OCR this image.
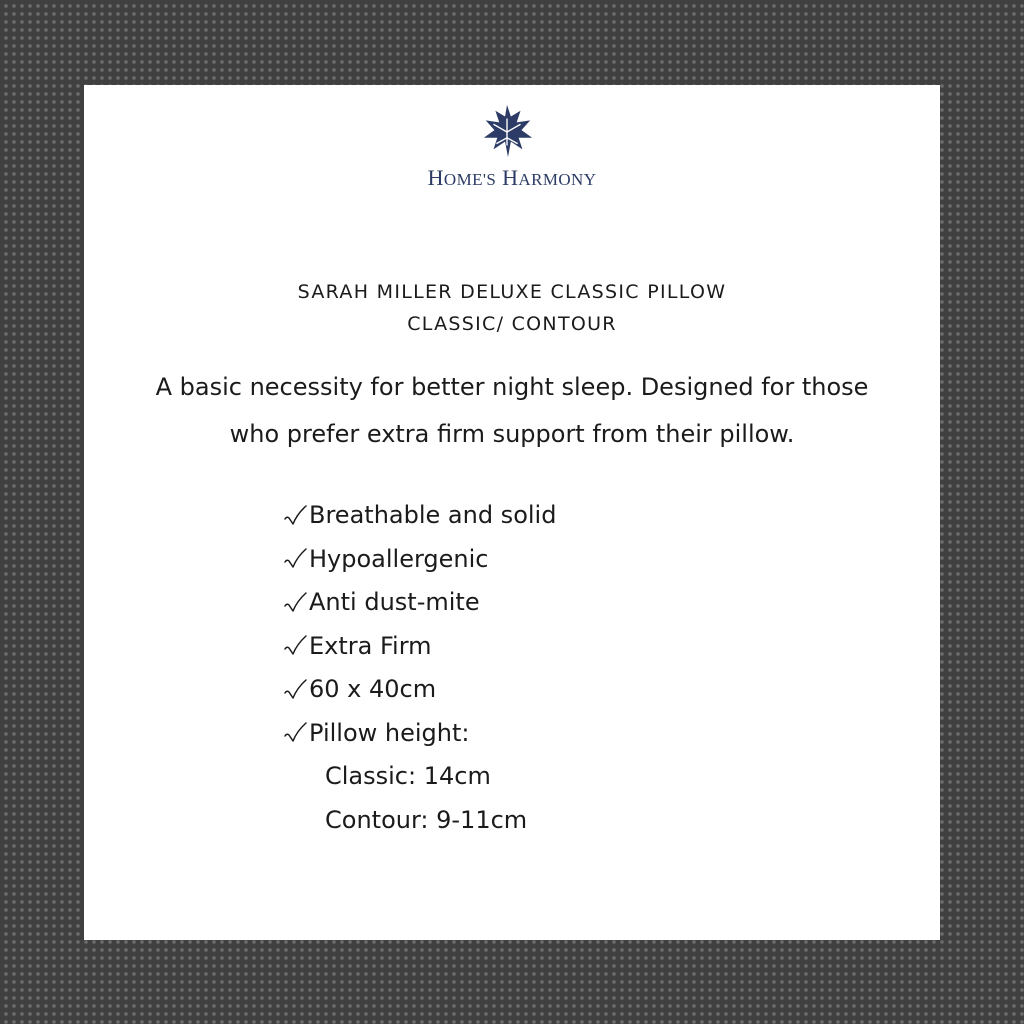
HOME'S HARMONY
SARAH MILLER DELUXE CLASSIC PILLOW
CLASSIC/ CONTOUR
A basic necessity for better night sleep. Designed for those
who prefer extra firm support from their pillow.
Breathable and solid
Hypoallergenic
Anti dust-mite
Extra Firm
60 x 40cm
Pillow height:
Classic: 14cm
Contour: 9-11cm
